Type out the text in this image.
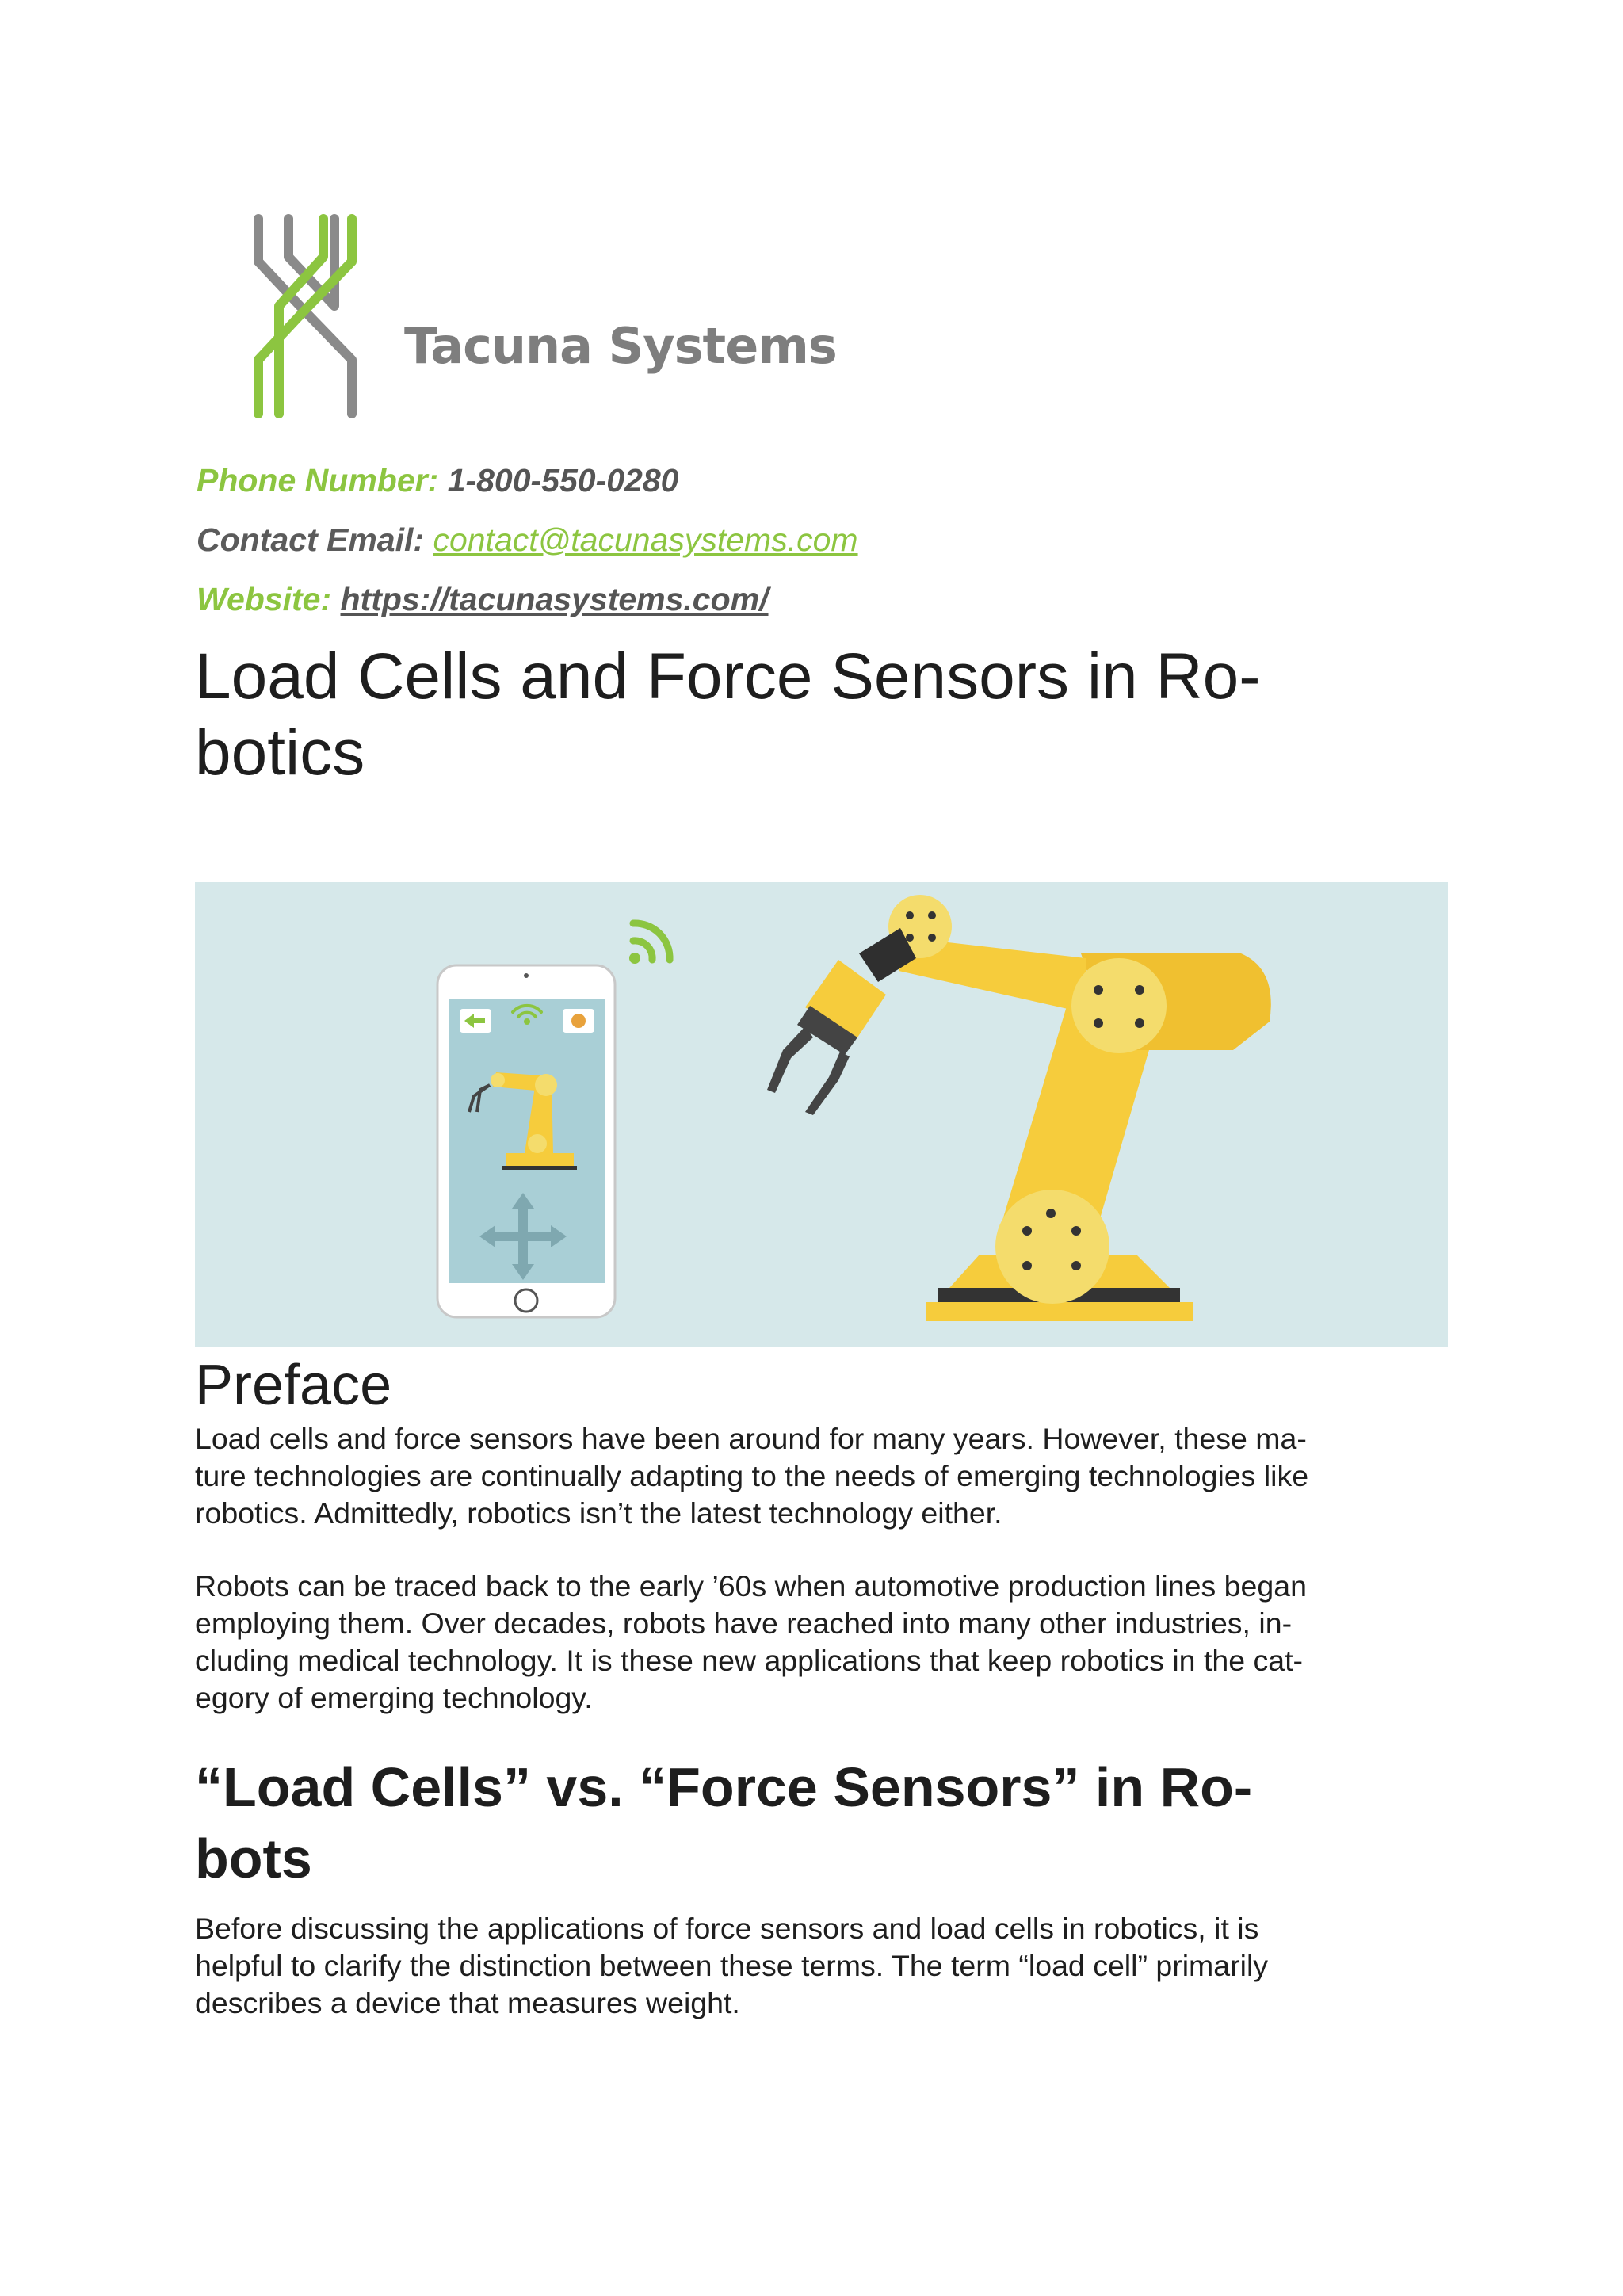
Tacuna Systems
Phone Number: 1-800-550-0280
Contact Email: contact@tacunasystems.com
Website: https://tacunasystems.com/
Load Cells and Force Sensors in Ro-
botics
Preface

Load cells and force sensors have been around for many years. However, these ma-
ture technologies are continually adapting to the needs of emerging technologies like
robotics. Admittedly, robotics isn’t the latest technology either.

Robots can be traced back to the early ’60s when automotive production lines began
employing them. Over decades, robots have reached into many other industries, in-
cluding medical technology. It is these new applications that keep robotics in the cat-
egory of emerging technology.

“Load Cells” vs. “Force Sensors” in Ro-
bots

Before discussing the applications of force sensors and load cells in robotics, it is
helpful to clarify the distinction between these terms. The term “load cell” primarily
describes a device that measures weight.
